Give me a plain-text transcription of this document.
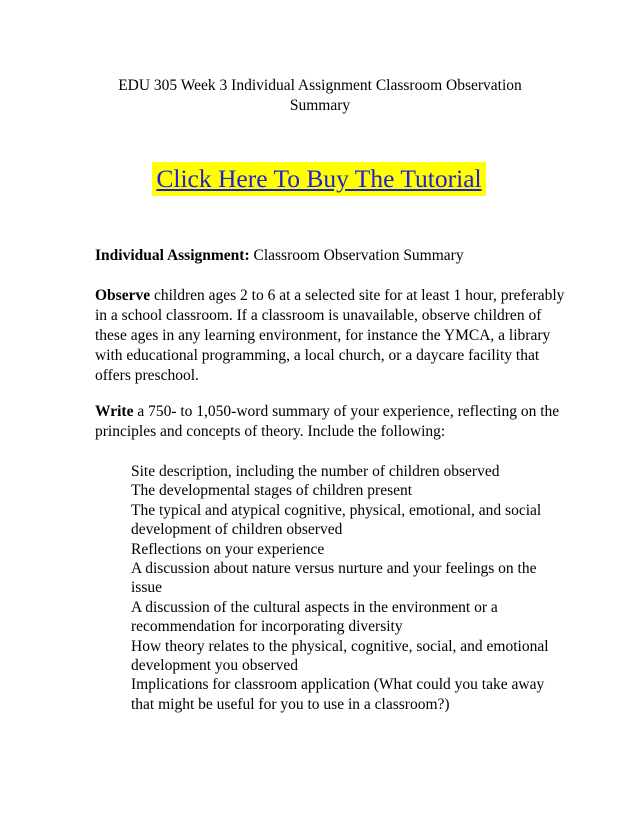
EDU 305 Week 3 Individual Assignment Classroom Observation
Summary
Click Here To Buy The Tutorial

Individual Assignment: Classroom Observation Summary

Observe children ages 2 to 6 at a selected site for at least 1 hour, preferably in a school classroom. If a classroom is unavailable, observe children of these ages in any learning environment, for instance the YMCA, a library with educational programming, a local church, or a daycare facility that offers preschool.

Write a 750- to 1,050-word summary of your experience, reflecting on the principles and concepts of theory. Include the following:

Site description, including the number of children observed
The developmental stages of children present
The typical and atypical cognitive, physical, emotional, and social development of children observed
Reflections on your experience
A discussion about nature versus nurture and your feelings on the issue
A discussion of the cultural aspects in the environment or a recommendation for incorporating diversity
How theory relates to the physical, cognitive, social, and emotional development you observed
Implications for classroom application (What could you take away that might be useful for you to use in a classroom?)
